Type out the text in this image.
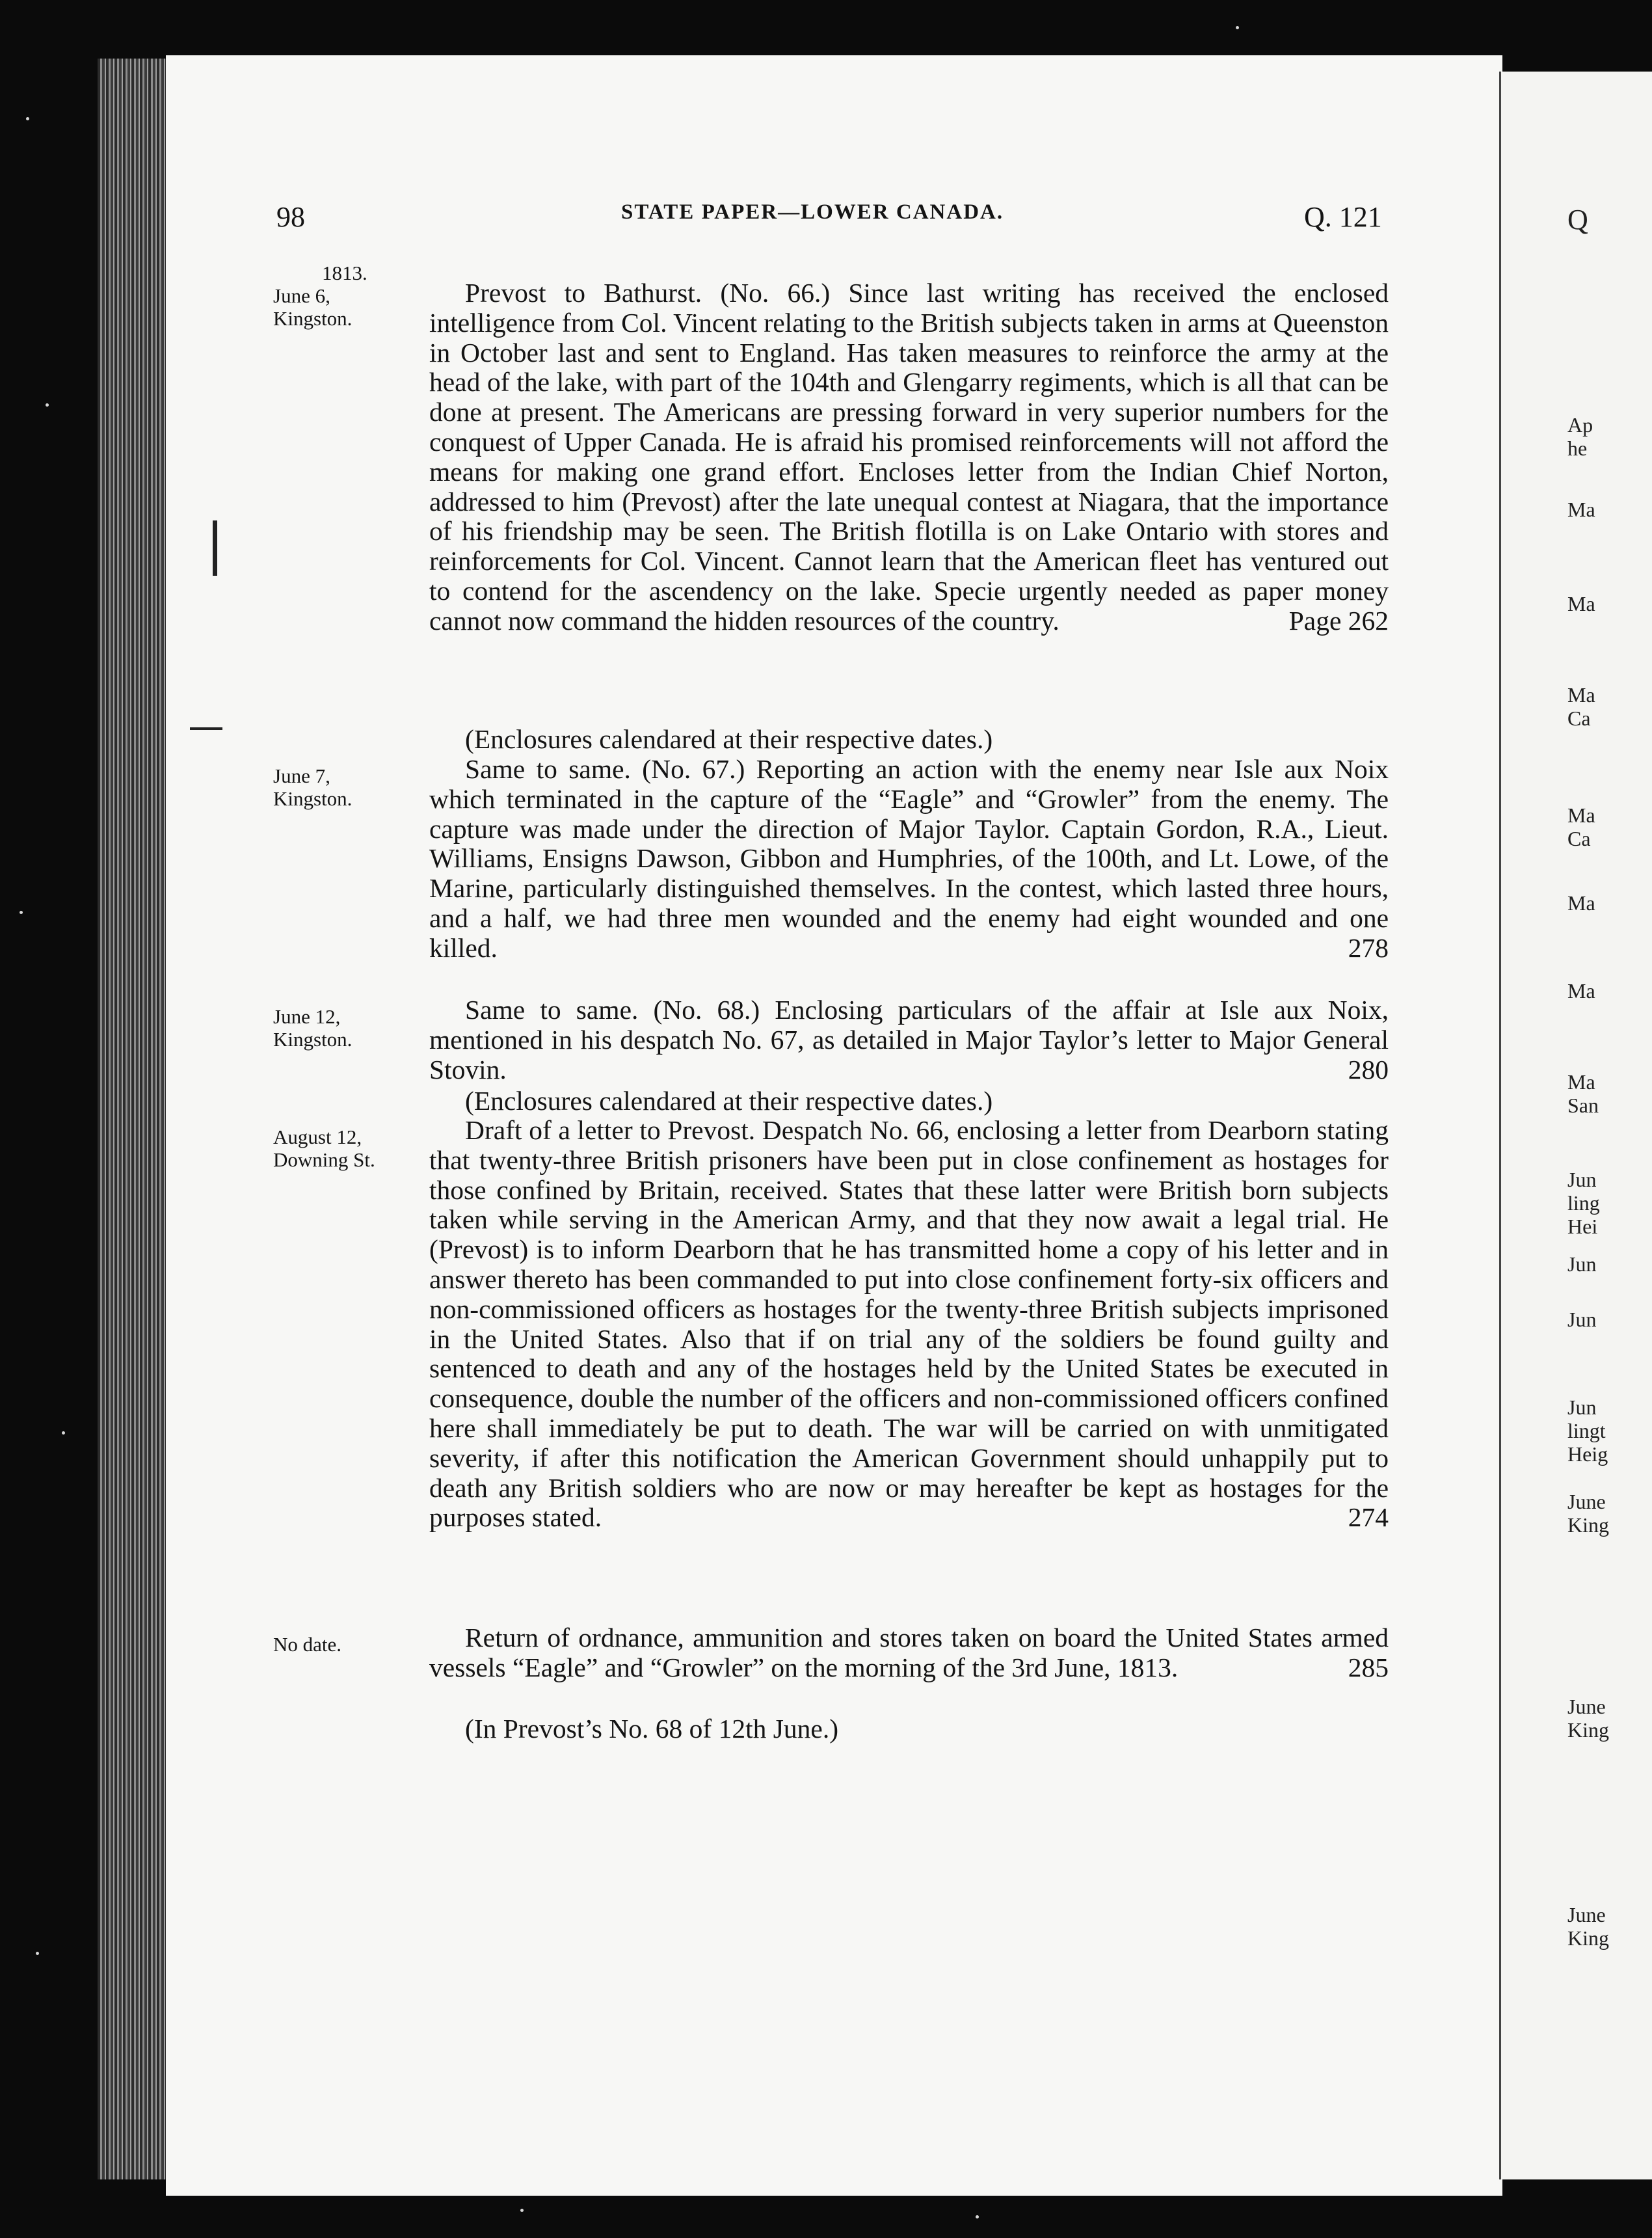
98	STATE PAPER—LOWER CANADA.	Q. 121
1813.
June 6,
Kingston.
Prevost to Bathurst. (No. 66.) Since last writing has received the enclosed intelligence from Col. Vincent relating to the British subjects taken in arms at Queenston in October last and sent to England. Has taken measures to reinforce the army at the head of the lake, with part of the 104th and Glengarry regiments, which is all that can be done at present. The Americans are pressing forward in very superior numbers for the conquest of Upper Canada. He is afraid his promised reinforcements will not afford the means for making one grand effort. Encloses letter from the Indian Chief Norton, addressed to him (Prevost) after the late unequal contest at Niagara, that the importance of his friendship may be seen. The British flotilla is on Lake Ontario with stores and reinforcements for Col. Vincent. Cannot learn that the American fleet has ventured out to contend for the ascendency on the lake. Specie urgently needed as paper money cannot now command the hidden resources of the country.	Page 262
(Enclosures calendared at their respective dates.)
June 7,
Kingston.
Same to same. (No. 67.) Reporting an action with the enemy near Isle aux Noix which terminated in the capture of the “Eagle” and “Growler” from the enemy. The capture was made under the direction of Major Taylor. Captain Gordon, R.A., Lieut. Williams, Ensigns Dawson, Gibbon and Humphries, of the 100th, and Lt. Lowe, of the Marine, particularly distinguished themselves. In the contest, which lasted three hours, and a half, we had three men wounded and the enemy had eight wounded and one killed.	278
June 12,
Kingston.
Same to same. (No. 68.) Enclosing particulars of the affair at Isle aux Noix, mentioned in his despatch No. 67, as detailed in Major Taylor’s letter to Major General Stovin.	280
(Enclosures calendared at their respective dates.)
August 12,
Downing St.
Draft of a letter to Prevost. Despatch No. 66, enclosing a letter from Dearborn stating that twenty-three British prisoners have been put in close confinement as hostages for those confined by Britain, received. States that these latter were British born subjects taken while serving in the American Army, and that they now await a legal trial. He (Prevost) is to inform Dearborn that he has transmitted home a copy of his letter and in answer thereto has been commanded to put into close confinement forty-six officers and non-commissioned officers as hostages for the twenty-three British subjects imprisoned in the United States. Also that if on trial any of the soldiers be found guilty and sentenced to death and any of the hostages held by the United States be executed in consequence, double the number of the officers and non-commissioned officers confined here shall immediately be put to death. The war will be carried on with unmitigated severity, if after this notification the American Government should unhappily put to death any British soldiers who are now or may hereafter be kept as hostages for the purposes stated.	274
No date.	Return of ordnance, ammunition and stores taken on board the United States armed vessels “Eagle” and “Growler” on the morning of the 3rd June, 1813.	285
(In Prevost’s No. 68 of 12th June.)
Q
Ap
he
Ma
Ma
Ma
Ca
Ma
Ca
Ma
Ma
Ma
San
Jun
ling
Hei
Jun
Jun
Jun
lingt
Heig
June
King
June
King
June
King
